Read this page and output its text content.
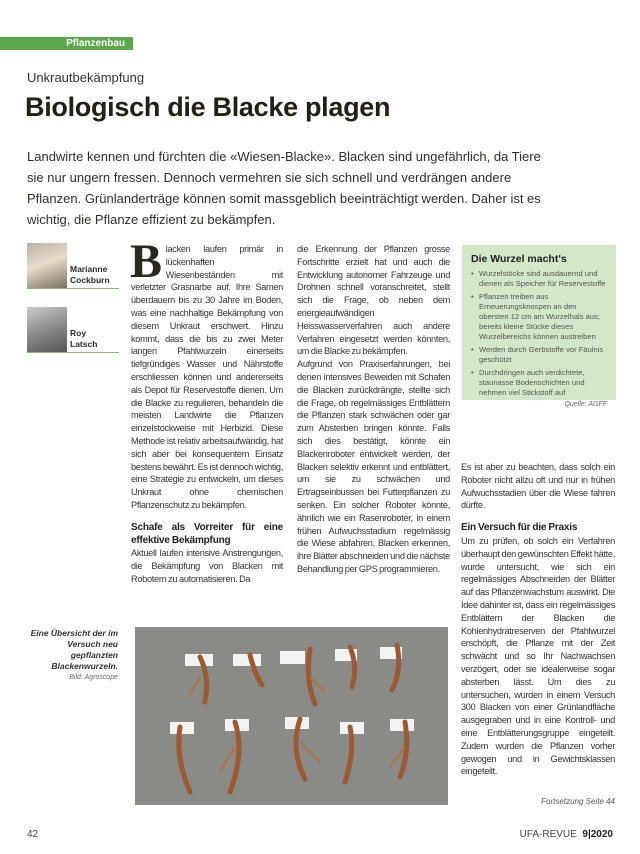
Pflanzenbau
Unkrautbekämpfung
Biologisch die Blacke plagen

Landwirte kennen und fürchten die «Wiesen-Blacke». Blacken sind ungefährlich, da Tiere sie nur ungern fressen. Dennoch vermehren sie sich schnell und verdrängen andere Pflanzen. Grünlanderträge können somit massgeblich beeinträchtigt werden. Daher ist es wichtig, die Pflanze effizient zu bekämpfen.

Marianne
Cockburn
Roy
Latsch
B lacken laufen primär in lückenhaften Wiesenbeständen mit verletzter Grasnarbe auf. Ihre Samen überdauern bis zu 30 Jahre im Boden, was eine nachhaltige Bekämpfung von diesem Unkraut erschwert. Hinzu kommt, dass die bis zu zwei Meter langen Pfahlwurzeln einerseits tiefgründiges Wasser und Nährstoffe erschliessen können und andererseits als Depot für Reservestoffe dienen. Um die Blacke zu regulieren, behandeln die meisten Landwirte die Pflanzen einzelstockweise mit Herbizid. Diese Methode ist relativ arbeitsaufwändig, hat sich aber bei konsequentem Einsatz bestens bewährt. Es ist dennoch wichtig, eine Strategie zu entwickeln, um dieses Unkraut ohne chemischen Pflanzenschutz zu bekämpfen.

Schafe als Vorreiter für eine effektive Bekämpfung

Aktuell laufen intensive Anstrengungen, die Bekämpfung von Blacken mit Robotern zu automatisieren. Da

die Erkennung der Pflanzen grosse Fortschritte erzielt hat und auch die Entwicklung autonomer Fahrzeuge und Drohnen schnell voranschreitet, stellt sich die Frage, ob neben dem energieaufwändigen Heisswasserverfahren auch andere Verfahren eingesetzt werden könnten, um die Blacke zu bekämpfen.

Aufgrund von Praxiserfahrungen, bei denen intensives Beweiden mit Schafen die Blacken zurückdrängte, stellte sich die Frage, ob regelmässiges Entblättern die Pflanzen stark schwächen oder gar zum Absterben bringen könnte. Falls sich dies bestätigt, könnte ein Blackenroboter entwickelt werden, der Blacken selektiv erkennt und entblättert, um sie zu schwächen und Ertragseinbussen bei Futterpflanzen zu senken. Ein solcher Roboter könnte, ähnlich wie ein Rasenroboter, in einem frühen Aufwuchsstadium regelmässig die Wiese abfahren, Blacken erkennen, ihre Blätter abschneiden und die nächste Behandlung per GPS programmieren.

Die Wurzel macht's
• Wurzelstöcke sind ausdauernd und dienen als Speicher für Reservestoffe
• Pflanzen treiben aus Erneuerungsknospen an den obersten 12 cm am Wurzelhals aus; bereits kleine Stücke dieses Wurzelbereichs können austreiben
• Werden durch Gerbstoffe vor Fäulnis geschützt
• Durchdringen auch verdichtete, staunasse Bodenschichten und nehmen viel Stickstoff auf
Quelle: AGFF

Es ist aber zu beachten, dass solch ein Roboter nicht allzu oft und nur in frühen Aufwuchsstadien über die Wiese fahren dürfte.

Ein Versuch für die Praxis

Um zu prüfen, ob solch ein Verfahren überhaupt den gewünschten Effekt hätte, wurde untersucht, wie sich ein regelmässiges Abschneiden der Blätter auf das Pflanzenwachstum auswirkt. Die Idee dahinter ist, dass ein regelmässiges Entblättern der Blacken die Kohlenhydratreserven der Pfahlwurzel erschöpft, die Pflanze mit der Zeit schwächt und so Ihr Nachwachsen verzögert, oder sie idealerweise sogar absterben lässt. Um dies zu untersuchen, wurden in einem Versuch 300 Blacken von einer Grünlandfläche ausgegraben und in eine Kontroll- und eine Entblätterungsgruppe eingeteilt. Zudem wurden die Pflanzen vorher gewogen und in Gewichtsklassen eingeteilt.

Eine Übersicht der im Versuch neu gepflanzten Blackenwurzeln.
Bild: Agroscope
Fortsetzung Seite 44
42	UFA-REVUE 9|2020
